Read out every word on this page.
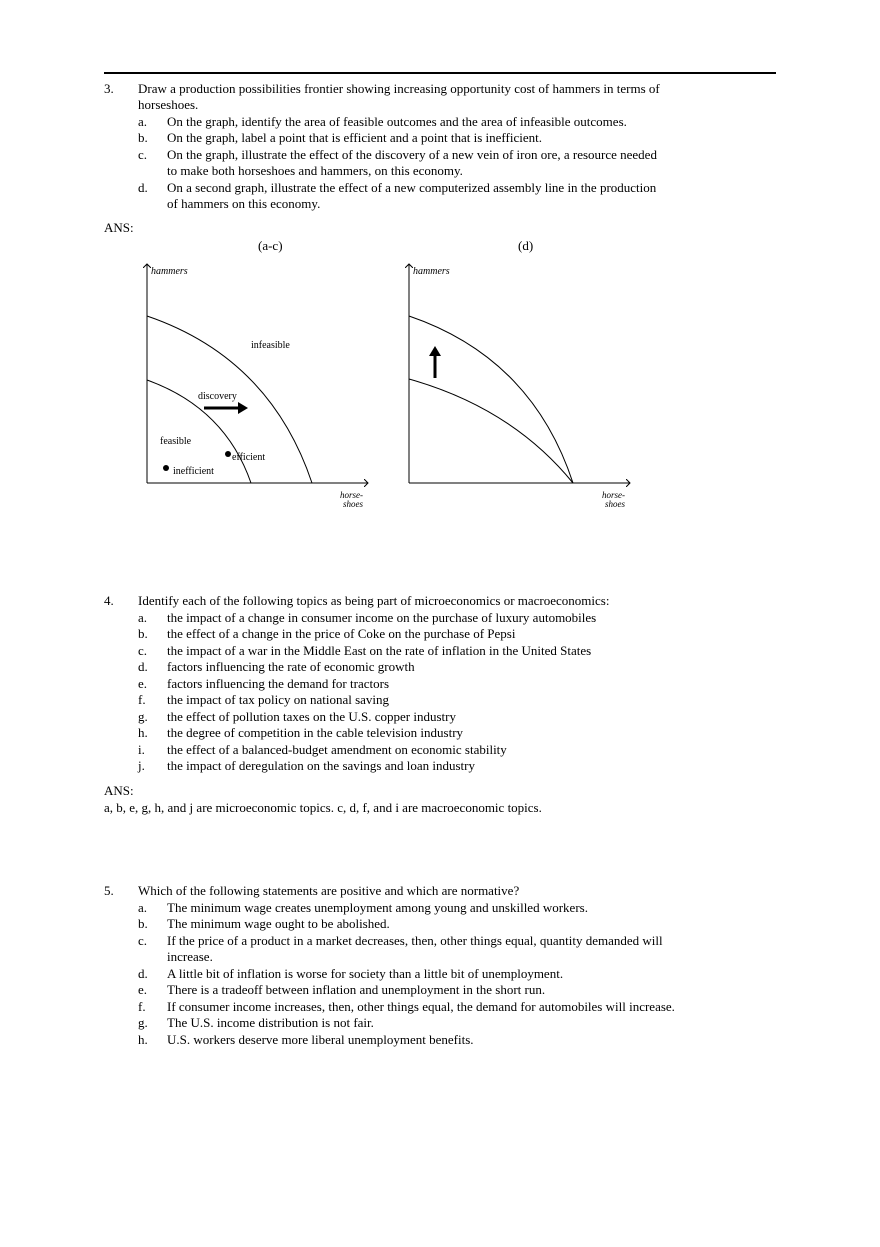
3. Draw a production possibilities frontier showing increasing opportunity cost of hammers in terms of
horseshoes.
a. On the graph, identify the area of feasible outcomes and the area of infeasible outcomes.
b. On the graph, label a point that is efficient and a point that is inefficient.
c. On the graph, illustrate the effect of the discovery of a new vein of iron ore, a resource needed
to make both horseshoes and hammers, on this economy.
d. On a second graph, illustrate the effect of a new computerized assembly line in the production
of hammers on this economy.
ANS:
(a-c)	(d)
hammers
infeasible
discovery
feasible
efficient
inefficient
horse-
shoes
hammers
horse-
shoes
4. Identify each of the following topics as being part of microeconomics or macroeconomics:
a. the impact of a change in consumer income on the purchase of luxury automobiles
b. the effect of a change in the price of Coke on the purchase of Pepsi
c. the impact of a war in the Middle East on the rate of inflation in the United States
d. factors influencing the rate of economic growth
e. factors influencing the demand for tractors
f. the impact of tax policy on national saving
g. the effect of pollution taxes on the U.S. copper industry
h. the degree of competition in the cable television industry
i. the effect of a balanced-budget amendment on economic stability
j. the impact of deregulation on the savings and loan industry
ANS:
a, b, e, g, h, and j are microeconomic topics. c, d, f, and i are macroeconomic topics.
5. Which of the following statements are positive and which are normative?
a. The minimum wage creates unemployment among young and unskilled workers.
b. The minimum wage ought to be abolished.
c. If the price of a product in a market decreases, then, other things equal, quantity demanded will
increase.
d. A little bit of inflation is worse for society than a little bit of unemployment.
e. There is a tradeoff between inflation and unemployment in the short run.
f. If consumer income increases, then, other things equal, the demand for automobiles will increase.
g. The U.S. income distribution is not fair.
h. U.S. workers deserve more liberal unemployment benefits.
